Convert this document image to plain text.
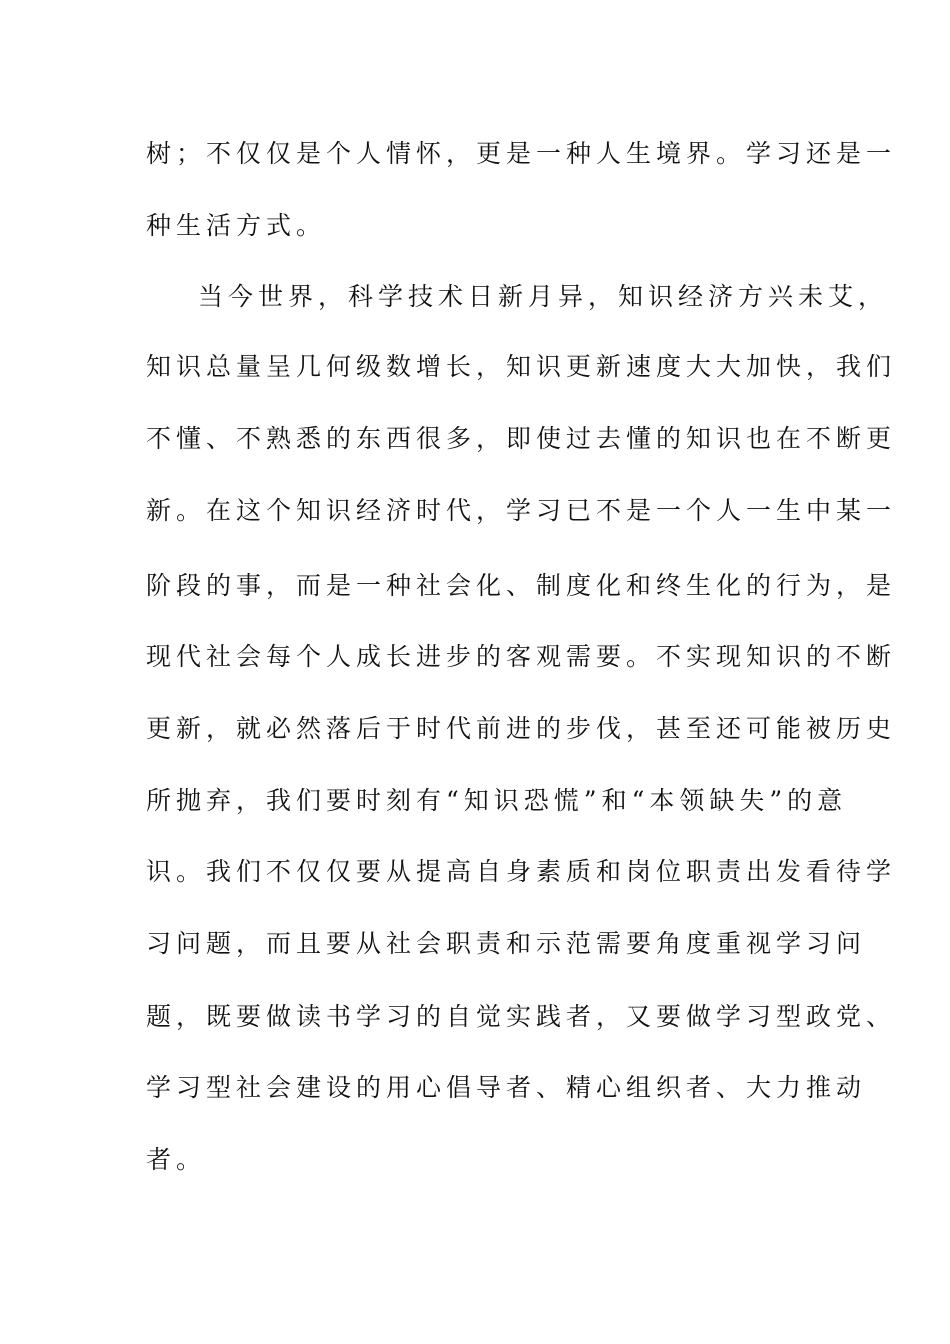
树；不仅仅是个人情怀，更是一种人生境界。学习还是一
种生活方式。
当今世界，科学技术日新月异，知识经济方兴未艾，
知识总量呈几何级数增长，知识更新速度大大加快，我们
不懂、不熟悉的东西很多，即使过去懂的知识也在不断更
新。在这个知识经济时代，学习已不是一个人一生中某一
阶段的事，而是一种社会化、制度化和终生化的行为，是
现代社会每个人成长进步的客观需要。不实现知识的不断
更新，就必然落后于时代前进的步伐，甚至还可能被历史
所抛弃，我们要时刻有“知识恐慌”和“本领缺失”的意
识。我们不仅仅要从提高自身素质和岗位职责出发看待学
习问题，而且要从社会职责和示范需要角度重视学习问
题，既要做读书学习的自觉实践者，又要做学习型政党、
学习型社会建设的用心倡导者、精心组织者、大力推动
者。
